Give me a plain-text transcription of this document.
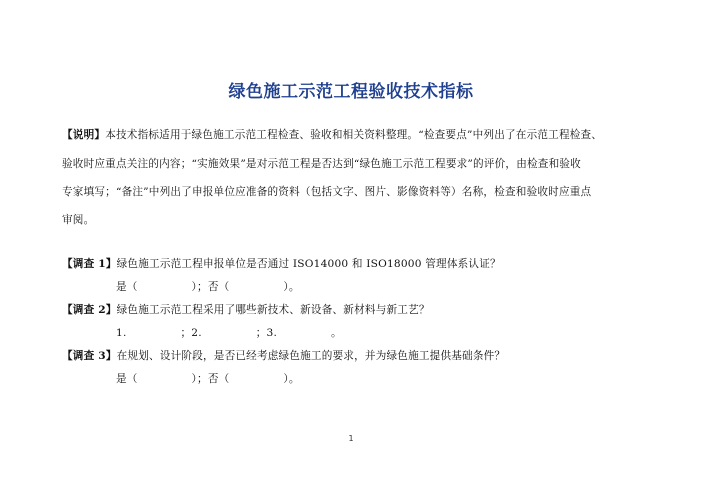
绿色施工示范工程验收技术指标
【说明】本技术指标适用于绿色施工示范工程检查、验收和相关资料整理。“检查要点”中列出了在示范工程检查、
验收时应重点关注的内容；“实施效果”是对示范工程是否达到“绿色施工示范工程要求”的评价，由检查和验收
专家填写；“备注”中列出了申报单位应准备的资料（包括文字、图片、影像资料等）名称，检查和验收时应重点
审阅。
【调查 1】绿色施工示范工程申报单位是否通过 ISO14000 和 ISO18000 管理体系认证？
是（　　　　　）；否（　　　　　）。
【调查 2】绿色施工示范工程采用了哪些新技术、新设备、新材料与新工艺？
1.　　　　　；2.　　　　　；3.　　　　　。
【调查 3】在规划、设计阶段，是否已经考虑绿色施工的要求，并为绿色施工提供基础条件？
是（　　　　　）；否（　　　　　）。
1
